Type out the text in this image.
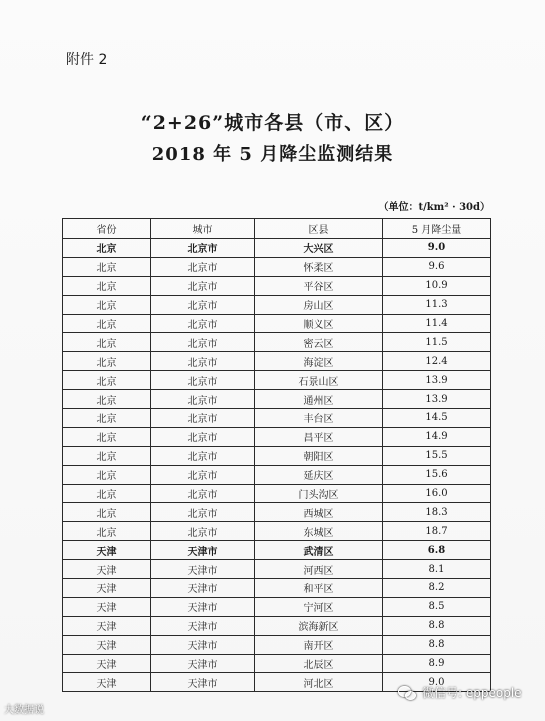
附件 2
“2+26”城市各县（市、区）
2018 年 5 月降尘监测结果
（单位：t/km² · 30d）
省份	城市	区县	5 月降尘量
北京	北京市	大兴区	9.0
北京	北京市	怀柔区	9.6
北京	北京市	平谷区	10.9
北京	北京市	房山区	11.3
北京	北京市	顺义区	11.4
北京	北京市	密云区	11.5
北京	北京市	海淀区	12.4
北京	北京市	石景山区	13.9
北京	北京市	通州区	13.9
北京	北京市	丰台区	14.5
北京	北京市	昌平区	14.9
北京	北京市	朝阳区	15.5
北京	北京市	延庆区	15.6
北京	北京市	门头沟区	16.0
北京	北京市	西城区	18.3
北京	北京市	东城区	18.7
天津	天津市	武清区	6.8
天津	天津市	河西区	8.1
天津	天津市	和平区	8.2
天津	天津市	宁河区	8.5
天津	天津市	滨海新区	8.8
天津	天津市	南开区	8.8
天津	天津市	北辰区	8.9
天津	天津市	河北区	9.0
大数据说
微信号: eppeople
